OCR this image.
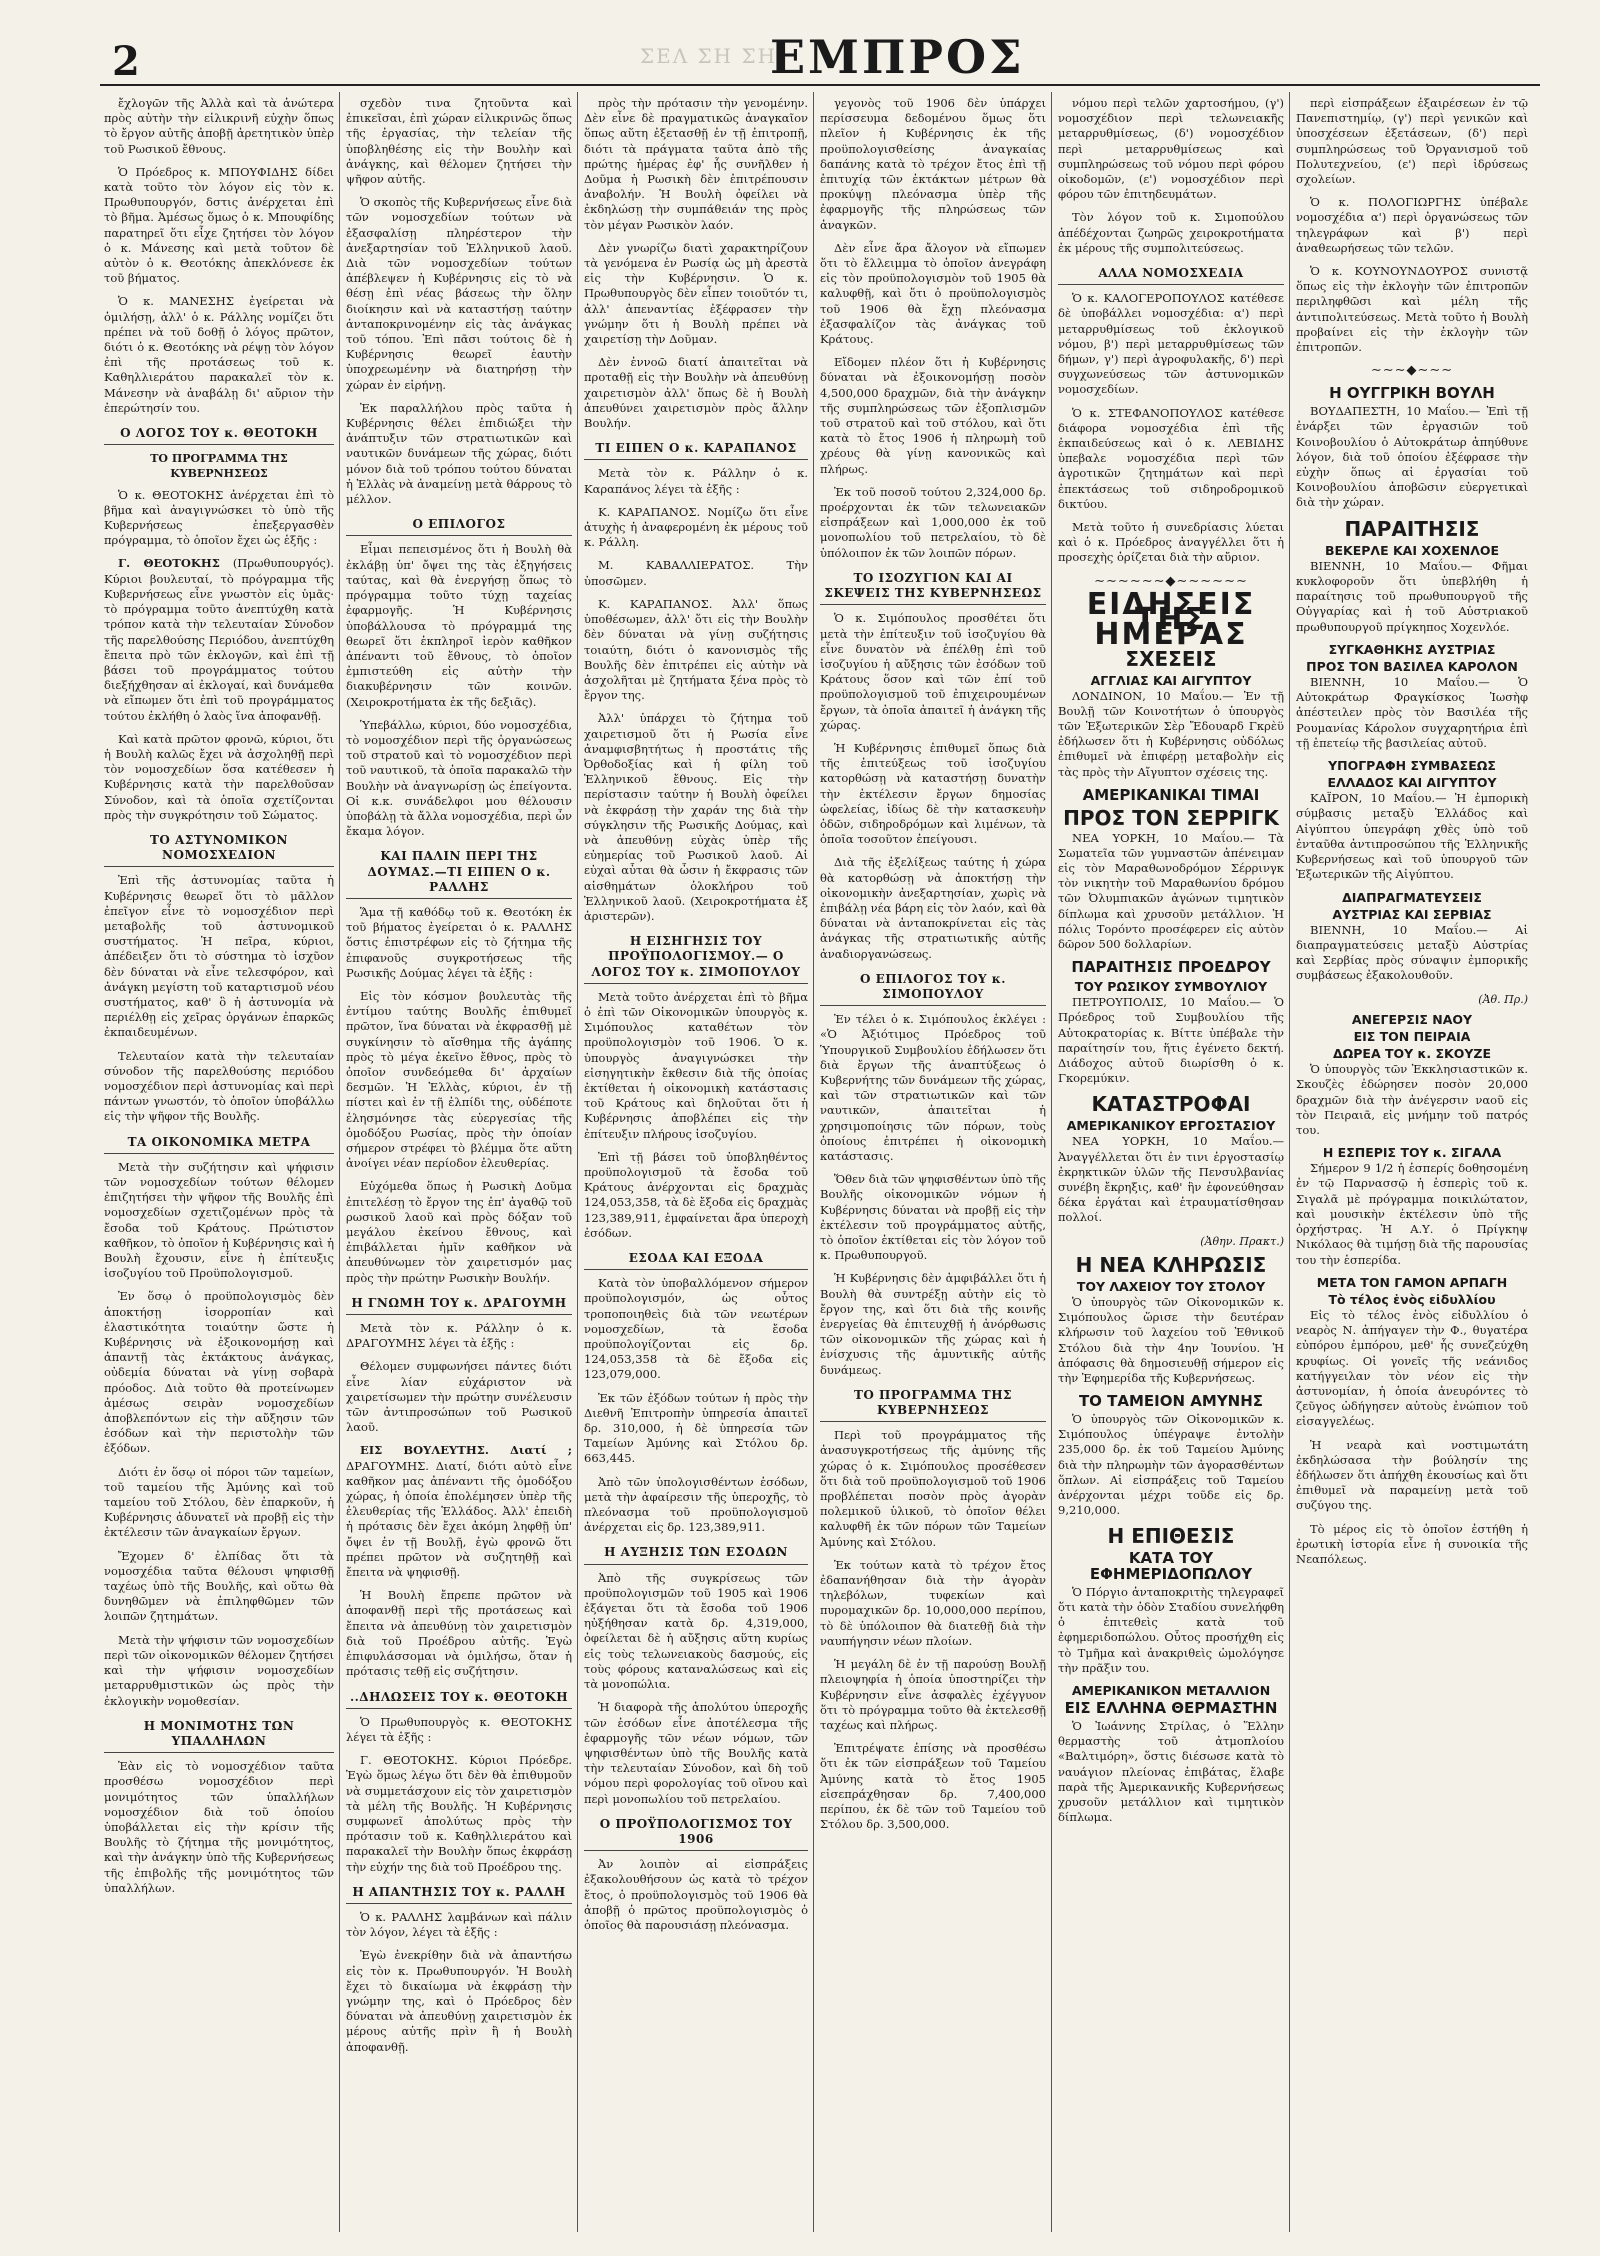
2	ΣΕΛ ΣΗ ΣΗ
ΕΜΠΡΟΣ

ἔχλογῶν τῆς Ἀλλὰ καὶ τὰ ἀνώτερα πρὸς αὐτὴν τὴν εἰλικρινῆ εὐχὴν ὅπως τὸ ἔργον αὐτῆς ἀποβῇ ἀρετητικὸν ὑπὲρ τοῦ Ρωσικοῦ ἔθνους.

Ὁ Πρόεδρος κ. ΜΠΟΥΦΙΔΗΣ δίδει κατὰ τοῦτο τὸν λόγον εἰς τὸν κ. Πρωθυπουργόν, δστις ἀνέρχεται ἐπὶ τὸ βῆμα. Ἀμέσως ὅμως ὁ κ. Μπουφίδης παρατηρεῖ ὅτι εἶχε ζητήσει τὸν λόγον ὁ κ. Μάνεσης καὶ μετὰ τοῦτον δὲ αὐτὸν ὁ κ. Θεοτόκης ἀπεκλόνεσε ἐκ τοῦ βήματος.

Ὁ κ. ΜΑΝΕΣΗΣ ἐγείρεται νὰ ὁμιλήσῃ, ἀλλ' ὁ κ. Ράλλης νομίζει ὅτι πρέπει νὰ τοῦ δοθῇ ὁ λόγος πρῶτον, διότι ὁ κ. Θεοτόκης νὰ ρέψῃ τὸν λόγον ἐπὶ τῆς προτάσεως τοῦ κ. Καθηλλιεράτου παρακαλεῖ τὸν κ. Μάνεσην νὰ ἀναβάλῃ δι' αὔριον τὴν ἐπερώτησίν του.

Ο ΛΟΓΟΣ ΤΟΥ κ. ΘΕΟΤΟΚΗ
ΤΟ ΠΡΟΓΡΑΜΜΑ ΤΗΣ ΚΥΒΕΡΝΗΣΕΩΣ

Ὁ κ. ΘΕΟΤΟΚΗΣ ἀνέρχεται ἐπὶ τὸ βῆμα καὶ ἀναγιγνώσκει τὸ ὑπὸ τῆς Κυβερνήσεως ἐπεξεργασθὲν πρόγραμμα, τὸ ὁποῖον ἔχει ὡς ἑξῆς :

Γ. ΘΕΟΤΟΚΗΣ (Πρωθυπουργός). Κύριοι βουλευταί, τὸ πρόγραμμα τῆς Κυβερνήσεως εἶνε γνωστὸν εἰς ὑμᾶς· τὸ πρόγραμμα τοῦτο ἀνεπτύχθη κατὰ τρόπον κατὰ τὴν τελευταίαν Σύνοδον τῆς παρελθούσης Περιόδου, ἀνεπτύχθη ἔπειτα πρὸ τῶν ἐκλογῶν, καὶ ἐπὶ τῇ βάσει τοῦ προγράμματος τούτου διεξήχθησαν αἱ ἐκλογαί, καὶ δυνάμεθα νὰ εἴπωμεν ὅτι ἐπὶ τοῦ προγράμματος τούτου ἐκλήθη ὁ λαὸς ἵνα ἀποφανθῇ.

Καὶ κατὰ πρῶτον φρονῶ, κύριοι, ὅτι ἡ Βουλὴ καλῶς ἔχει νὰ ἀσχοληθῇ περὶ τὸν νομοσχεδίων ὅσα κατέθεσεν ἡ Κυβέρνησις κατὰ τὴν παρελθοῦσαν Σύνοδον, καὶ τὰ ὁποῖα σχετίζονται πρὸς τὴν συγκρότησιν τοῦ Σώματος.

ΤΟ ΑΣΤΥΝΟΜΙΚΟΝ ΝΟΜΟΣΧΕΔΙΟΝ

Ἐπὶ τῆς ἀστυνομίας ταῦτα ἡ Κυβέρνησις θεωρεῖ ὅτι τὸ μᾶλλον ἐπεῖγον εἶνε τὸ νομοσχέδιον περὶ μεταβολῆς τοῦ ἀστυνομικοῦ συστήματος. Ἡ πεῖρα, κύριοι, ἀπέδειξεν ὅτι τὸ σύστημα τὸ ἰσχῦον δὲν δύναται νὰ εἶνε τελεσφόρον, καὶ ἀνάγκη μεγίστη τοῦ καταρτισμοῦ νέου συστήματος, καθ' ὃ ἡ ἀστυνομία νὰ περιέλθῃ εἰς χεῖρας ὀργάνων ἐπαρκῶς ἐκπαιδευμένων.

Τελευταίον κατὰ τὴν τελευταίαν σύνοδον τῆς παρελθούσης περιόδου νομοσχέδιον περὶ ἀστυνομίας καὶ περὶ πάντων γνωστόν, τὸ ὁποῖον ὑποβάλλω εἰς τὴν ψῆφον τῆς Βουλῆς.

ΤΑ ΟΙΚΟΝΟΜΙΚΑ ΜΕΤΡΑ

Μετὰ τὴν συζήτησιν καὶ ψήφισιν τῶν νομοσχεδίων τούτων θέλομεν ἐπιζητήσει τὴν ψῆφον τῆς Βουλῆς ἐπὶ νομοσχεδίων σχετιζομένων πρὸς τὰ ἔσοδα τοῦ Κράτους. Πρώτιστον καθῆκον, τὸ ὁποῖον ἡ Κυβέρνησις καὶ ἡ Βουλὴ ἔχουσιν, εἶνε ἡ ἐπίτευξις ἰσοζυγίου τοῦ Προϋπολογισμοῦ.

Ἐν ὅσῳ ὁ προϋπολογισμὸς δὲν ἀποκτήσῃ ἰσορροπίαν καὶ ἐλαστικότητα τοιαύτην ὥστε ἡ Κυβέρνησις νὰ ἐξοικονομήσῃ καὶ ἀπαντῇ τὰς ἐκτάκτους ἀνάγκας, οὐδεμία δύναται νὰ γίνῃ σοβαρὰ πρόοδος. Διὰ τοῦτο θὰ προτείνωμεν ἀμέσως σειρὰν νομοσχεδίων ἀποβλεπόντων εἰς τὴν αὔξησιν τῶν ἐσόδων καὶ τὴν περιστολὴν τῶν ἐξόδων.

Διότι ἐν ὅσῳ οἱ πόροι τῶν ταμείων, τοῦ ταμείου τῆς Ἀμύνης καὶ τοῦ ταμείου τοῦ Στόλου, δὲν ἐπαρκοῦν, ἡ Κυβέρνησις ἀδυνατεῖ νὰ προβῇ εἰς τὴν ἐκτέλεσιν τῶν ἀναγκαίων ἔργων.

Ἔχομεν δ' ἐλπίδας ὅτι τὰ νομοσχέδια ταῦτα θέλουσι ψηφισθῇ ταχέως ὑπὸ τῆς Βουλῆς, καὶ οὕτω θὰ δυνηθῶμεν νὰ ἐπιληφθῶμεν τῶν λοιπῶν ζητημάτων.

Μετὰ τὴν ψήφισιν τῶν νομοσχεδίων περὶ τῶν οἰκονομικῶν θέλομεν ζητήσει καὶ τὴν ψήφισιν νομοσχεδίων μεταρρυθμιστικῶν ὡς πρὸς τὴν ἐκλογικὴν νομοθεσίαν.

Η ΜΟΝΙΜΟΤΗΣ ΤΩΝ ΥΠΑΛΛΗΛΩΝ

Ἐὰν εἰς τὸ νομοσχέδιον ταῦτα προσθέσω νομοσχέδιον περὶ μονιμότητος τῶν ὑπαλλήλων νομοσχέδιον διὰ τοῦ ὁποίου ὑποβάλλεται εἰς τὴν κρίσιν τῆς Βουλῆς τὸ ζήτημα τῆς μονιμότητος, καὶ τὴν ἀνάγκην ὑπὸ τῆς Κυβερνήσεως τῆς ἐπιβολῆς τῆς μονιμότητος τῶν ὑπαλλήλων.

σχεδὸν τινα ζητοῦντα καὶ ἐπικεῖσαι, ἐπὶ χώραν εἰλικρινῶς ὅπως τῆς ἐργασίας, τὴν τελείαν τῆς ὑποβληθέσης εἰς τὴν Βουλὴν καὶ ἀνάγκης, καὶ θέλομεν ζητήσει τὴν ψῆφον αὐτῆς.

Ὁ σκοπὸς τῆς Κυβερνήσεως εἶνε διὰ τῶν νομοσχεδίων τούτων νὰ ἐξασφαλίσῃ πληρέστερον τὴν ἀνεξαρτησίαν τοῦ Ἑλληνικοῦ λαοῦ. Διὰ τῶν νομοσχεδίων τούτων ἀπέβλεψεν ἡ Κυβέρνησις εἰς τὸ νὰ θέσῃ ἐπὶ νέας βάσεως τὴν ὅλην διοίκησιν καὶ νὰ καταστήσῃ ταύτην ἀνταποκρινομένην εἰς τὰς ἀνάγκας τοῦ τόπου. Ἐπὶ πᾶσι τούτοις δὲ ἡ Κυβέρνησις θεωρεῖ ἑαυτὴν ὑποχρεωμένην νὰ διατηρήσῃ τὴν χώραν ἐν εἰρήνῃ.

Ἐκ παραλλήλου πρὸς ταῦτα ἡ Κυβέρνησις θέλει ἐπιδιώξει τὴν ἀνάπτυξιν τῶν στρατιωτικῶν καὶ ναυτικῶν δυνάμεων τῆς χώρας, διότι μόνον διὰ τοῦ τρόπου τούτου δύναται ἡ Ἑλλὰς νὰ ἀναμείνῃ μετὰ θάρρους τὸ μέλλον.

Ο ΕΠΙΛΟΓΟΣ

Εἶμαι πεπεισμένος ὅτι ἡ Βουλὴ θὰ ἐκλάβῃ ὑπ' ὄψει της τὰς ἐξηγήσεις ταύτας, καὶ θὰ ἐνεργήσῃ ὅπως τὸ πρόγραμμα τοῦτο τύχῃ ταχείας ἐφαρμογῆς. Ἡ Κυβέρνησις ὑποβάλλουσα τὸ πρόγραμμά της θεωρεῖ ὅτι ἐκπληροῖ ἱερὸν καθῆκον ἀπέναντι τοῦ ἔθνους, τὸ ὁποῖον ἐμπιστεύθη εἰς αὐτὴν τὴν διακυβέρνησιν τῶν κοινῶν. (Χειροκροτήματα ἐκ τῆς δεξιᾶς).

Ὑπεβάλλω, κύριοι, δύο νομοσχέδια, τὸ νομοσχέδιον περὶ τῆς ὀργανώσεως τοῦ στρατοῦ καὶ τὸ νομοσχέδιον περὶ τοῦ ναυτικοῦ, τὰ ὁποῖα παρακαλῶ τὴν Βουλὴν νὰ ἀναγνωρίσῃ ὡς ἐπείγοντα. Οἱ κ.κ. συνάδελφοι μου θέλουσιν ὑποβάλῃ τὰ ἄλλα νομοσχέδια, περὶ ὧν ἔκαμα λόγον.

ΚΑΙ ΠΑΛΙΝ ΠΕΡΙ ΤΗΣ ΔΟΥΜΑΣ.—ΤΙ ΕΙΠΕΝ Ο κ. ΡΑΛΛΗΣ

Ἅμα τῇ καθόδῳ τοῦ κ. Θεοτόκη ἐκ τοῦ βήματος ἐγείρεται ὁ κ. ΡΑΛΛΗΣ ὅστις ἐπιστρέφων εἰς τὸ ζήτημα τῆς ἐπιφανοῦς συγκροτήσεως τῆς Ρωσικῆς Δούμας λέγει τὰ ἑξῆς :

Εἰς τὸν κόσμον βουλευτὰς τῆς ἐντίμου ταύτης Βουλῆς ἐπιθυμεῖ πρῶτον, ἵνα δύναται νὰ ἐκφρασθῇ μὲ συγκίνησιν τὸ αἴσθημα τῆς ἀγάπης πρὸς τὸ μέγα ἐκεῖνο ἔθνος, πρὸς τὸ ὁποῖον συνδεόμεθα δι' ἀρχαίων δεσμῶν. Ἡ Ἑλλὰς, κύριοι, ἐν τῇ πίστει καὶ ἐν τῇ ἐλπίδι της, οὐδέποτε ἐλησμόνησε τὰς εὐεργεσίας τῆς ὁμοδόξου Ρωσίας, πρὸς τὴν ὁποίαν σήμερον στρέφει τὸ βλέμμα ὅτε αὕτη ἀνοίγει νέαν περίοδον ἐλευθερίας.

Εὐχόμεθα ὅπως ἡ Ρωσικὴ Δοῦμα ἐπιτελέσῃ τὸ ἔργον της ἐπ' ἀγαθῷ τοῦ ρωσικοῦ λαοῦ καὶ πρὸς δόξαν τοῦ μεγάλου ἐκείνου ἔθνους, καὶ ἐπιβάλλεται ἡμῖν καθῆκον νὰ ἀπευθύνωμεν τὸν χαιρετισμόν μας πρὸς τὴν πρώτην Ρωσικὴν Βουλήν.

Η ΓΝΩΜΗ ΤΟΥ κ. ΔΡΑΓΟΥΜΗ

Μετὰ τὸν κ. Ράλλην ὁ κ. ΔΡΑΓΟΥΜΗΣ λέγει τὰ ἑξῆς :

Θέλομεν συμφωνήσει πάντες διότι εἶνε λίαν εὐχάριστον νὰ χαιρετίσωμεν τὴν πρώτην συνέλευσιν τῶν ἀντιπροσώπων τοῦ Ρωσικοῦ λαοῦ.

ΕΙΣ ΒΟΥΛΕΥΤΗΣ. Διατί ; ΔΡΑΓΟΥΜΗΣ. Διατί, διότι αὐτὸ εἶνε καθῆκον μας ἀπέναντι τῆς ὁμοδόξου χώρας, ἡ ὁποία ἐπολέμησεν ὑπὲρ τῆς ἐλευθερίας τῆς Ἑλλάδος. Ἀλλ' ἐπειδὴ ἡ πρότασις δὲν ἔχει ἀκόμη ληφθῇ ὑπ' ὄψει ἐν τῇ Βουλῇ, ἐγὼ φρονῶ ὅτι πρέπει πρῶτον νὰ συζητηθῇ καὶ ἔπειτα νὰ ψηφισθῇ.

Ἡ Βουλὴ ἔπρεπε πρῶτον νὰ ἀποφανθῇ περὶ τῆς προτάσεως καὶ ἔπειτα νὰ ἀπευθύνῃ τὸν χαιρετισμὸν διὰ τοῦ Προέδρου αὐτῆς. Ἐγὼ ἐπιφυλάσσομαι νὰ ὁμιλήσω, ὅταν ἡ πρότασις τεθῇ εἰς συζήτησιν.

..ΔΗΛΩΣΕΙΣ ΤΟΥ κ. ΘΕΟΤΟΚΗ

Ὁ Πρωθυπουργὸς κ. ΘΕΟΤΟΚΗΣ λέγει τὰ ἑξῆς :

Γ. ΘΕΟΤΟΚΗΣ. Κύριοι Πρόεδρε. Ἐγὼ ὅμως λέγω ὅτι δὲν θὰ ἐπιθυμοῦν νὰ συμμετάσχουν εἰς τὸν χαιρετισμὸν τὰ μέλη τῆς Βουλῆς. Ἡ Κυβέρνησις συμφωνεῖ ἀπολύτως πρὸς τὴν πρότασιν τοῦ κ. Καθηλλιεράτου καὶ παρακαλεῖ τὴν Βουλὴν ὅπως ἐκφράσῃ τὴν εὐχήν της διὰ τοῦ Προέδρου της.

Η ΑΠΑΝΤΗΣΙΣ ΤΟΥ κ. ΡΑΛΛΗ

Ὁ κ. ΡΑΛΛΗΣ λαμβάνων καὶ πάλιν τὸν λόγον, λέγει τὰ ἑξῆς :

Ἐγὼ ἐνεκρίθην διὰ νὰ ἀπαντήσω εἰς τὸν κ. Πρωθυπουργόν. Ἡ Βουλὴ ἔχει τὸ δικαίωμα νὰ ἐκφράσῃ τὴν γνώμην της, καὶ ὁ Πρόεδρος δὲν δύναται νὰ ἀπευθύνῃ χαιρετισμὸν ἐκ μέρους αὐτῆς πρὶν ἢ ἡ Βουλὴ ἀποφανθῇ.

πρὸς τὴν πρότασιν τὴν γενομένην. Δὲν εἶνε δὲ πραγματικῶς ἀναγκαῖον ὅπως αὕτη ἐξετασθῇ ἐν τῇ ἐπιτροπῇ, διότι τὰ πράγματα ταῦτα ἀπὸ τῆς πρώτης ἡμέρας ἐφ' ἧς συνῆλθεν ἡ Δοῦμα ἡ Ρωσικὴ δὲν ἐπιτρέπουσιν ἀναβολήν. Ἡ Βουλὴ ὀφείλει νὰ ἐκδηλώσῃ τὴν συμπάθειάν της πρὸς τὸν μέγαν Ρωσικὸν λαόν.

Δὲν γνωρίζω διατὶ χαρακτηρίζουν τὰ γενόμενα ἐν Ρωσίᾳ ὡς μὴ ἀρεστὰ εἰς τὴν Κυβέρνησιν. Ὁ κ. Πρωθυπουργὸς δὲν εἶπεν τοιοῦτόν τι, ἀλλ' ἀπεναντίας ἐξέφρασεν τὴν γνώμην ὅτι ἡ Βουλὴ πρέπει νὰ χαιρετίσῃ τὴν Δοῦμαν.

Δὲν ἐννοῶ διατί ἀπαιτεῖται νὰ προταθῇ εἰς τὴν Βουλὴν νὰ ἀπευθύνῃ χαιρετισμὸν ἀλλ' ὅπως δὲ ἡ Βουλὴ ἀπευθύνει χαιρετισμὸν πρὸς ἄλλην Βουλήν.

ΤΙ ΕΙΠΕΝ Ο κ. ΚΑΡΑΠΑΝΟΣ

Μετὰ τὸν κ. Ράλλην ὁ κ. Καραπάνος λέγει τὰ ἑξῆς :

Κ. ΚΑΡΑΠΑΝΟΣ. Νομίζω ὅτι εἶνε ἀτυχὴς ἡ ἀναφερομένη ἐκ μέρους τοῦ κ. Ράλλη.

Μ. ΚΑΒΑΛΛΙΕΡΑΤΟΣ. Τὴν ὑποσῶμεν.

Κ. ΚΑΡΑΠΑΝΟΣ. Ἀλλ' ὅπως ὑποθέσωμεν, ἀλλ' ὅτι εἰς τὴν Βουλὴν δὲν δύναται νὰ γίνῃ συζήτησις τοιαύτη, διότι ὁ κανονισμὸς τῆς Βουλῆς δὲν ἐπιτρέπει εἰς αὐτὴν νὰ ἀσχολῆται μὲ ζητήματα ξένα πρὸς τὸ ἔργον της.

Ἀλλ' ὑπάρχει τὸ ζήτημα τοῦ χαιρετισμοῦ ὅτι ἡ Ρωσία εἶνε ἀναμφισβητήτως ἡ προστάτις τῆς Ὀρθοδοξίας καὶ ἡ φίλη τοῦ Ἑλληνικοῦ ἔθνους. Εἰς τὴν περίστασιν ταύτην ἡ Βουλὴ ὀφείλει νὰ ἐκφράσῃ τὴν χαράν της διὰ τὴν σύγκλησιν τῆς Ρωσικῆς Δούμας, καὶ νὰ ἀπευθύνῃ εὐχὰς ὑπὲρ τῆς εὐημερίας τοῦ Ρωσικοῦ λαοῦ. Αἱ εὐχαὶ αὗται θὰ ὦσιν ἡ ἔκφρασις τῶν αἰσθημάτων ὁλοκλήρου τοῦ Ἑλληνικοῦ λαοῦ. (Χειροκροτήματα ἐξ ἀριστερῶν).

Η ΕΙΣΗΓΗΣΙΣ ΤΟΥ ΠΡΟΫΠΟΛΟΓΙΣΜΟΥ.— Ο ΛΟΓΟΣ ΤΟΥ κ. ΣΙΜΟΠΟΥΛΟΥ

Μετὰ τοῦτο ἀνέρχεται ἐπὶ τὸ βῆμα ὁ ἐπὶ τῶν Οἰκονομικῶν ὑπουργὸς κ. Σιμόπουλος καταθέτων τὸν προϋπολογισμὸν τοῦ 1906. Ὁ κ. ὑπουργὸς ἀναγιγνώσκει τὴν εἰσηγητικὴν ἔκθεσιν διὰ τῆς ὁποίας ἐκτίθεται ἡ οἰκονομικὴ κατάστασις τοῦ Κράτους καὶ δηλοῦται ὅτι ἡ Κυβέρνησις ἀποβλέπει εἰς τὴν ἐπίτευξιν πλήρους ἰσοζυγίου.

Ἐπὶ τῇ βάσει τοῦ ὑποβληθέντος προϋπολογισμοῦ τὰ ἔσοδα τοῦ Κράτους ἀνέρχονται εἰς δραχμὰς 124,053,358, τὰ δὲ ἔξοδα εἰς δραχμὰς 123,389,911, ἐμφαίνεται ἄρα ὑπεροχὴ ἐσόδων.

ΕΣΟΔΑ ΚΑΙ ΕΞΟΔΑ

Κατὰ τὸν ὑποβαλλόμενον σήμερον προϋπολογισμόν, ὡς οὗτος τροποποιηθεὶς διὰ τῶν νεωτέρων νομοσχεδίων, τὰ ἔσοδα προϋπολογίζονται εἰς δρ. 124,053,358 τὰ δὲ ἔξοδα εἰς 123,079,000.

Ἐκ τῶν ἐξόδων τούτων ἡ πρὸς τὴν Διεθνῆ Ἐπιτροπὴν ὑπηρεσία ἀπαιτεῖ δρ. 310,000, ἡ δὲ ὑπηρεσία τῶν Ταμείων Ἀμύνης καὶ Στόλου δρ. 663,445.

Ἀπὸ τῶν ὑπολογισθέντων ἐσόδων, μετὰ τὴν ἀφαίρεσιν τῆς ὑπεροχῆς, τὸ πλεόνασμα τοῦ προϋπολογισμοῦ ἀνέρχεται εἰς δρ. 123,389,911.

Η ΑΥΞΗΣΙΣ ΤΩΝ ΕΣΟΔΩΝ

Ἀπὸ τῆς συγκρίσεως τῶν προϋπολογισμῶν τοῦ 1905 καὶ 1906 ἐξάγεται ὅτι τὰ ἔσοδα τοῦ 1906 ηὐξήθησαν κατὰ δρ. 4,319,000, ὀφείλεται δὲ ἡ αὔξησις αὕτη κυρίως εἰς τοὺς τελωνειακοὺς δασμούς, εἰς τοὺς φόρους καταναλώσεως καὶ εἰς τὰ μονοπώλια.

Ἡ διαφορὰ τῆς ἀπολύτου ὑπεροχῆς τῶν ἐσόδων εἶνε ἀποτέλεσμα τῆς ἐφαρμογῆς τῶν νέων νόμων, τῶν ψηφισθέντων ὑπὸ τῆς Βουλῆς κατὰ τὴν τελευταίαν Σύνοδον, καὶ δὴ τοῦ νόμου περὶ φορολογίας τοῦ οἴνου καὶ περὶ μονοπωλίου τοῦ πετρελαίου.

Ο ΠΡΟΫΠΟΛΟΓΙΣΜΟΣ ΤΟΥ 1906

Ἀν λοιπὸν αἱ εἰσπράξεις ἐξακολουθήσουν ὡς κατὰ τὸ τρέχον ἔτος, ὁ προϋπολογισμὸς τοῦ 1906 θὰ ἀποβῇ ὁ πρῶτος προϋπολογισμὸς ὁ ὁποῖος θὰ παρουσιάσῃ πλεόνασμα.

γεγονὸς τοῦ 1906 δὲν ὑπάρχει περίσσευμα δεδομένου ὅμως ὅτι πλεῖον ἡ Κυβέρνησις ἐκ τῆς προϋπολογισθείσης ἀναγκαίας δαπάνης κατὰ τὸ τρέχον ἔτος ἐπὶ τῇ ἐπιτυχίᾳ τῶν ἐκτάκτων μέτρων θὰ προκύψῃ πλεόνασμα ὑπὲρ τῆς ἐφαρμογῆς τῆς πληρώσεως τῶν ἀναγκῶν.

Δὲν εἶνε ἄρα ἄλογον νὰ εἴπωμεν ὅτι τὸ ἔλλειμμα τὸ ὁποῖον ἀνεγράφη εἰς τὸν προϋπολογισμὸν τοῦ 1905 θὰ καλυφθῇ, καὶ ὅτι ὁ προϋπολογισμὸς τοῦ 1906 θὰ ἔχῃ πλεόνασμα ἐξασφαλίζον τὰς ἀνάγκας τοῦ Κράτους.

Εἴδομεν πλέον ὅτι ἡ Κυβέρνησις δύναται νὰ ἐξοικονομήσῃ ποσὸν 4,500,000 δραχμῶν, διὰ τὴν ἀνάγκην τῆς συμπληρώσεως τῶν ἐξοπλισμῶν τοῦ στρατοῦ καὶ τοῦ στόλου, καὶ ὅτι κατὰ τὸ ἔτος 1906 ἡ πληρωμὴ τοῦ χρέους θὰ γίνῃ κανονικῶς καὶ πλήρως.

Ἐκ τοῦ ποσοῦ τούτου 2,324,000 δρ. προέρχονται ἐκ τῶν τελωνειακῶν εἰσπράξεων καὶ 1,000,000 ἐκ τοῦ μονοπωλίου τοῦ πετρελαίου, τὸ δὲ ὑπόλοιπον ἐκ τῶν λοιπῶν πόρων.

ΤΟ ΙΣΟΖΥΓΙΟΝ ΚΑΙ ΑΙ ΣΚΕΨΕΙΣ ΤΗΣ ΚΥΒΕΡΝΗΣΕΩΣ

Ὁ κ. Σιμόπουλος προσθέτει ὅτι μετὰ τὴν ἐπίτευξιν τοῦ ἰσοζυγίου θὰ εἶνε δυνατὸν νὰ ἐπέλθῃ ἐπὶ τοῦ ἰσοζυγίου ἡ αὔξησις τῶν ἐσόδων τοῦ Κράτους ὅσον καὶ τῶν ἐπί τοῦ προϋπολογισμοῦ τοῦ ἐπιχειρουμένων ἔργων, τὰ ὁποῖα ἀπαιτεῖ ἡ ἀνάγκη τῆς χώρας.

Ἡ Κυβέρνησις ἐπιθυμεῖ ὅπως διὰ τῆς ἐπιτεύξεως τοῦ ἰσοζυγίου κατορθώσῃ νὰ καταστήσῃ δυνατὴν τὴν ἐκτέλεσιν ἔργων δημοσίας ὠφελείας, ἰδίως δὲ τὴν κατασκευὴν ὁδῶν, σιδηροδρόμων καὶ λιμένων, τὰ ὁποῖα τοσοῦτον ἐπείγουσι.

Διὰ τῆς ἐξελίξεως ταύτης ἡ χώρα θὰ κατορθώσῃ νὰ ἀποκτήσῃ τὴν οἰκονομικὴν ἀνεξαρτησίαν, χωρὶς νὰ ἐπιβάλῃ νέα βάρη εἰς τὸν λαόν, καὶ θὰ δύναται νὰ ἀνταποκρίνεται εἰς τὰς ἀνάγκας τῆς στρατιωτικῆς αὐτῆς ἀναδιοργανώσεως.

Ο ΕΠΙΛΟΓΟΣ ΤΟΥ κ. ΣΙΜΟΠΟΥΛΟΥ

Ἐν τέλει ὁ κ. Σιμόπουλος ἐκλέγει : «Ὁ Ἀξιότιμος Πρόεδρος τοῦ Ὑπουργικοῦ Συμβουλίου ἐδήλωσεν ὅτι διὰ ἔργων τῆς ἀναπτύξεως ὁ Κυβερνήτης τῶν δυνάμεων τῆς χώρας, καὶ τῶν στρατιωτικῶν καὶ τῶν ναυτικῶν, ἀπαιτεῖται ἡ χρησιμοποίησις τῶν πόρων, τοὺς ὁποίους ἐπιτρέπει ἡ οἰκονομικὴ κατάστασις.

Ὅθεν διὰ τῶν ψηφισθέντων ὑπὸ τῆς Βουλῆς οἰκονομικῶν νόμων ἡ Κυβέρνησις δύναται νὰ προβῇ εἰς τὴν ἐκτέλεσιν τοῦ προγράμματος αὐτῆς, τὸ ὁποῖον ἐκτίθεται εἰς τὸν λόγον τοῦ κ. Πρωθυπουργοῦ.

Ἡ Κυβέρνησις δὲν ἀμφιβάλλει ὅτι ἡ Βουλὴ θὰ συντρέξῃ αὐτὴν εἰς τὸ ἔργον της, καὶ ὅτι διὰ τῆς κοινῆς ἐνεργείας θὰ ἐπιτευχθῇ ἡ ἀνόρθωσις τῶν οἰκονομικῶν τῆς χώρας καὶ ἡ ἐνίσχυσις τῆς ἀμυντικῆς αὐτῆς δυνάμεως.

ΤΟ ΠΡΟΓΡΑΜΜΑ ΤΗΣ ΚΥΒΕΡΝΗΣΕΩΣ

Περὶ τοῦ προγράμματος τῆς ἀνασυγκροτήσεως τῆς ἀμύνης τῆς χώρας ὁ κ. Σιμόπουλος προσέθεσεν ὅτι διὰ τοῦ προϋπολογισμοῦ τοῦ 1906 προβλέπεται ποσὸν πρὸς ἀγορὰν πολεμικοῦ ὑλικοῦ, τὸ ὁποῖον θέλει καλυφθῆ ἐκ τῶν πόρων τῶν Ταμείων Ἀμύνης καὶ Στόλου.

Ἐκ τούτων κατὰ τὸ τρέχον ἔτος ἐδαπανήθησαν διὰ τὴν ἀγορὰν τηλεβόλων, τυφεκίων καὶ πυρομαχικῶν δρ. 10,000,000 περίπου, τὸ δὲ ὑπόλοιπον θὰ διατεθῇ διὰ τὴν ναυπήγησιν νέων πλοίων.

Ἡ μεγάλη δὲ ἐν τῇ παρούσῃ Βουλῇ πλειοψηφία ἡ ὁποία ὑποστηρίζει τὴν Κυβέρνησιν εἶνε ἀσφαλὲς ἐχέγγυον ὅτι τὸ πρόγραμμα τοῦτο θὰ ἐκτελεσθῇ ταχέως καὶ πλήρως.

Ἐπιτρέψατε ἐπίσης νὰ προσθέσω ὅτι ἐκ τῶν εἰσπράξεων τοῦ Ταμείου Ἀμύνης κατὰ τὸ ἔτος 1905 εἰσεπράχθησαν δρ. 7,400,000 περίπου, ἐκ δὲ τῶν τοῦ Ταμείου τοῦ Στόλου δρ. 3,500,000.

νόμου περὶ τελῶν χαρτοσήμου, (γ') νομοσχέδιον περὶ τελωνειακῆς μεταρρυθμίσεως, (δ') νομοσχέδιον περὶ μεταρρυθμίσεως καὶ συμπληρώσεως τοῦ νόμου περὶ φόρου οἰκοδομῶν, (ε') νομοσχέδιον περὶ φόρου τῶν ἐπιτηδευμάτων.

Τὸν λόγον τοῦ κ. Σιμοπούλου ἀπέδέχονται ζωηρῶς χειροκροτήματα ἐκ μέρους τῆς συμπολιτεύσεως.

ΑΛΛΑ ΝΟΜΟΣΧΕΔΙΑ

Ὁ κ. ΚΑΛΟΓΕΡΟΠΟΥΛΟΣ κατέθεσε δὲ ὑποβάλλει νομοσχέδια: α') περὶ μεταρρυθμίσεως τοῦ ἐκλογικοῦ νόμου, β') περὶ μεταρρυθμίσεως τῶν δήμων, γ') περὶ ἀγροφυλακῆς, δ') περὶ συγχωνεύσεως τῶν ἀστυνομικῶν νομοσχεδίων.

Ὁ κ. ΣΤΕΦΑΝΟΠΟΥΛΟΣ κατέθεσε διάφορα νομοσχέδια ἐπὶ τῆς ἐκπαιδεύσεως καὶ ὁ κ. ΛΕΒΙΔΗΣ ὑπεβαλε νομοσχέδια περὶ τῶν ἀγροτικῶν ζητημάτων καὶ περὶ ἐπεκτάσεως τοῦ σιδηροδρομικοῦ δικτύου.

Μετὰ τοῦτο ἡ συνεδρίασις λύεται καὶ ὁ κ. Πρόεδρος ἀναγγέλλει ὅτι ἡ προσεχὴς ὁρίζεται διὰ τὴν αὔριον.

∼∼∼∼∼∼◆∼∼∼∼∼∼
ΕΙΔΗΣΕΙΣ ΤΗΣ ΗΜΕΡΑΣ
ΣΧΕΣΕΙΣ
ΑΓΓΛΙΑΣ ΚΑΙ ΑΙΓΥΠΤΟΥ

ΛΟΝΔΙΝΟΝ, 10 Μαΐου.— Ἐν τῇ Βουλῇ τῶν Κοινοτήτων ὁ ὑπουργὸς τῶν Ἐξωτερικῶν Σὲρ Ἔδουαρδ Γκρὲϋ ἐδήλωσεν ὅτι ἡ Κυβέρνησις οὐδόλως ἐπιθυμεῖ νὰ ἐπιφέρῃ μεταβολὴν εἰς τὰς πρὸς τὴν Αἴγυπτον σχέσεις της.

ΑΜΕΡΙΚΑΝΙΚΑΙ ΤΙΜΑΙ
ΠΡΟΣ ΤΟΝ ΣΕΡΡΙΓΚ

ΝΕΑ ΥΟΡΚΗ, 10 Μαΐου.— Τὰ Σωματεῖα τῶν γυμναστῶν ἀπένειμαν εἰς τὸν Μαραθωνοδρόμον Σέρρινγκ τὸν νικητὴν τοῦ Μαραθωνίου δρόμου τῶν Ὀλυμπιακῶν ἀγώνων τιμητικὸν δίπλωμα καὶ χρυσοῦν μετάλλιον. Ἡ πόλις Τορόντο προσέφερεν εἰς αὐτὸν δῶρον 500 δολλαρίων.

ΠΑΡΑΙΤΗΣΙΣ ΠΡΟΕΔΡΟΥ
ΤΟΥ ΡΩΣΙΚΟΥ ΣΥΜΒΟΥΛΙΟΥ

ΠΕΤΡΟΥΠΟΛΙΣ, 10 Μαΐου.— Ὁ Πρόεδρος τοῦ Συμβουλίου τῆς Αὐτοκρατορίας κ. Βίττε ὑπέβαλε τὴν παραίτησίν του, ἥτις ἐγένετο δεκτή. Διάδοχος αὐτοῦ διωρίσθη ὁ κ. Γκορεμύκιν.

ΚΑΤΑΣΤΡΟΦΑΙ
ΑΜΕΡΙΚΑΝΙΚΟΥ ΕΡΓΟΣΤΑΣΙΟΥ

ΝΕΑ ΥΟΡΚΗ, 10 Μαΐου.— Ἀναγγέλλεται ὅτι ἐν τινι ἐργοστασίῳ ἐκρηκτικῶν ὑλῶν τῆς Πενσυλβανίας συνέβη ἔκρηξις, καθ' ἣν ἐφονεύθησαν δέκα ἐργάται καὶ ἐτραυματίσθησαν πολλοί.

(Ἀθην. Πρακτ.)
Η ΝΕΑ ΚΛΗΡΩΣΙΣ
ΤΟΥ ΛΑΧΕΙΟΥ ΤΟΥ ΣΤΟΛΟΥ

Ὁ ὑπουργὸς τῶν Οἰκονομικῶν κ. Σιμόπουλος ὥρισε τὴν δευτέραν κλήρωσιν τοῦ λαχείου τοῦ Ἐθνικοῦ Στόλου διὰ τὴν 4ην Ἰουνίου. Ἡ ἀπόφασις θὰ δημοσιευθῇ σήμερον εἰς τὴν Ἐφημερίδα τῆς Κυβερνήσεως.

ΤΟ ΤΑΜΕΙΟΝ ΑΜΥΝΗΣ

Ὁ ὑπουργὸς τῶν Οἰκονομικῶν κ. Σιμόπουλος ὑπέγραψε ἐντολὴν 235,000 δρ. ἐκ τοῦ Ταμείου Ἀμύνης διὰ τὴν πληρωμὴν τῶν ἀγορασθέντων ὅπλων. Αἱ εἰσπράξεις τοῦ Ταμείου ἀνέρχονται μέχρι τοῦδε εἰς δρ. 9,210,000.

Η ΕΠΙΘΕΣΙΣ
ΚΑΤΑ ΤΟΥ ΕΦΗΜΕΡΙΔΟΠΩΛΟΥ

Ὁ Πόργιο ἀνταποκριτὴς τηλεγραφεῖ ὅτι κατὰ τὴν ὁδὸν Σταδίου συνελήφθη ὁ ἐπιτεθεὶς κατὰ τοῦ ἐφημεριδοπώλου. Οὗτος προσήχθη εἰς τὸ Τμῆμα καὶ ἀνακριθεὶς ὡμολόγησε τὴν πρᾶξιν του.

ΑΜΕΡΙΚΑΝΙΚΟΝ ΜΕΤΑΛΛΙΟΝ
ΕΙΣ ΕΛΛΗΝΑ ΘΕΡΜΑΣΤΗΝ

Ὁ Ἰωάννης Στρίλας, ὁ Ἕλλην θερμαστὴς τοῦ ἀτμοπλοίου «Βαλτιμόρη», ὅστις διέσωσε κατὰ τὸ ναυάγιον πλείονας ἐπιβάτας, ἔλαβε παρὰ τῆς Ἀμερικανικῆς Κυβερνήσεως χρυσοῦν μετάλλιον καὶ τιμητικὸν δίπλωμα.

περὶ εἰσπράξεων ἐξαιρέσεων ἐν τῷ Πανεπιστημίῳ, (γ') περὶ γενικῶν καὶ ὑποσχέσεων ἐξετάσεων, (δ') περὶ συμπληρώσεως τοῦ Ὀργανισμοῦ τοῦ Πολυτεχνείου, (ε') περὶ ἱδρύσεως σχολείων.

Ὁ κ. ΠΟΛΟΓΙΩΡΓΗΣ ὑπέβαλε νομοσχέδια α') περὶ ὀργανώσεως τῶν τηλεγράφων καὶ β') περὶ ἀναθεωρήσεως τῶν τελῶν.

Ὁ κ. ΚΟΥΝΟΥΝΔΟΥΡΟΣ συνιστᾷ ὅπως εἰς τὴν ἐκλογὴν τῶν ἐπιτροπῶν περιληφθῶσι καὶ μέλη τῆς ἀντιπολιτεύσεως. Μετὰ τοῦτο ἡ Βουλὴ προβαίνει εἰς τὴν ἐκλογὴν τῶν ἐπιτροπῶν.

∼∼∼◆∼∼∼
Η ΟΥΓΓΡΙΚΗ ΒΟΥΛΗ

ΒΟΥΔΑΠΕΣΤΗ, 10 Μαΐου.— Ἐπὶ τῇ ἐνάρξει τῶν ἐργασιῶν τοῦ Κοινοβουλίου ὁ Αὐτοκράτωρ ἀπηύθυνε λόγον, διὰ τοῦ ὁποίου ἐξέφρασε τὴν εὐχὴν ὅπως αἱ ἐργασίαι τοῦ Κοινοβουλίου ἀποβῶσιν εὐεργετικαὶ διὰ τὴν χώραν.

ΠΑΡΑΙΤΗΣΙΣ
ΒΕΚΕΡΛΕ ΚΑΙ ΧΟΧΕΝΛΟΕ

ΒΙΕΝΝΗ, 10 Μαΐου.— Φῆμαι κυκλοφοροῦν ὅτι ὑπεβλήθη ἡ παραίτησις τοῦ πρωθυπουργοῦ τῆς Οὐγγαρίας καὶ ἡ τοῦ Αὐστριακοῦ πρωθυπουργοῦ πρίγκηπος Χοχενλόε.

ΣΥΓΚΑΘΗΚΗΣ ΑΥΣΤΡΙΑΣ
ΠΡΟΣ ΤΟΝ ΒΑΣΙΛΕΑ ΚΑΡΟΛΟΝ

ΒΙΕΝΝΗ, 10 Μαΐου.— Ὁ Αὐτοκράτωρ Φραγκίσκος Ἰωσὴφ ἀπέστειλεν πρὸς τὸν Βασιλέα τῆς Ρουμανίας Κάρολον συγχαρητήρια ἐπὶ τῇ ἐπετείῳ τῆς βασιλείας αὐτοῦ.

ΥΠΟΓΡΑΦΗ ΣΥΜΒΑΣΕΩΣ
ΕΛΛΑΔΟΣ ΚΑΙ ΑΙΓΥΠΤΟΥ

ΚΑΪΡΟΝ, 10 Μαΐου.— Ἡ ἐμπορικὴ σύμβασις μεταξὺ Ἑλλάδος καὶ Αἰγύπτου ὑπεγράφη χθὲς ὑπὸ τοῦ ἐνταῦθα ἀντιπροσώπου τῆς Ἑλληνικῆς Κυβερνήσεως καὶ τοῦ ὑπουργοῦ τῶν Ἐξωτερικῶν τῆς Αἰγύπτου.

ΔΙΑΠΡΑΓΜΑΤΕΥΣΕΙΣ
ΑΥΣΤΡΙΑΣ ΚΑΙ ΣΕΡΒΙΑΣ

ΒΙΕΝΝΗ, 10 Μαΐου.— Αἱ διαπραγματεύσεις μεταξὺ Αὐστρίας καὶ Σερβίας πρὸς σύναψιν ἐμπορικῆς συμβάσεως ἐξακολουθοῦν.

(Ἀθ. Πρ.)
ΑΝΕΓΕΡΣΙΣ ΝΑΟΥ
ΕΙΣ ΤΟΝ ΠΕΙΡΑΙΑ
ΔΩΡΕΑ ΤΟΥ κ. ΣΚΟΥΖΕ

Ὁ ὑπουργὸς τῶν Ἐκκλησιαστικῶν κ. Σκουζὲς ἐδώρησεν ποσὸν 20,000 δραχμῶν διὰ τὴν ἀνέγερσιν ναοῦ εἰς τὸν Πειραιᾶ, εἰς μνήμην τοῦ πατρός του.

Η ΕΣΠΕΡΙΣ ΤΟΥ κ. ΣΙΓΑΛΑ

Σήμερον 9 1/2 ἡ ἑσπερίς δοθησομένη ἐν τῷ Παρνασσῷ ἡ ἑσπερὶς τοῦ κ. Σιγαλᾶ μὲ πρόγραμμα ποικιλώτατον, καὶ μουσικὴν ἐκτέλεσιν ὑπὸ τῆς ὀρχήστρας. Ἡ Α.Υ. ὁ Πρίγκηψ Νικόλαος θὰ τιμήσῃ διὰ τῆς παρουσίας του τὴν ἑσπερίδα.

ΜΕΤΑ ΤΟΝ ΓΑΜΟΝ ΑΡΠΑΓΗ
Τὸ τέλος ἑνὸς εἰδυλλίου

Εἰς τὸ τέλος ἑνὸς εἰδυλλίου ὁ νεαρὸς Ν. ἀπήγαγεν τὴν Φ., θυγατέρα εὐπόρου ἐμπόρου, μεθ' ἧς συνεζεύχθη κρυφίως. Οἱ γονεῖς τῆς νεάνιδος κατήγγειλαν τὸν νέον εἰς τὴν ἀστυνομίαν, ἡ ὁποία ἀνευρόντες τὸ ζεῦγος ὡδήγησεν αὐτοὺς ἐνώπιον τοῦ εἰσαγγελέως.

Ἡ νεαρὰ καὶ νοστιμωτάτη ἐκδηλώσασα τὴν βούλησίν της ἐδήλωσεν ὅτι ἀπήχθη ἐκουσίως καὶ ὅτι ἐπιθυμεῖ νὰ παραμείνῃ μετὰ τοῦ συζύγου της.

Τὸ μέρος εἰς τὸ ὁποῖον ἐστήθη ἡ ἐρωτικὴ ἱστορία εἶνε ἡ συνοικία τῆς Νεαπόλεως.
